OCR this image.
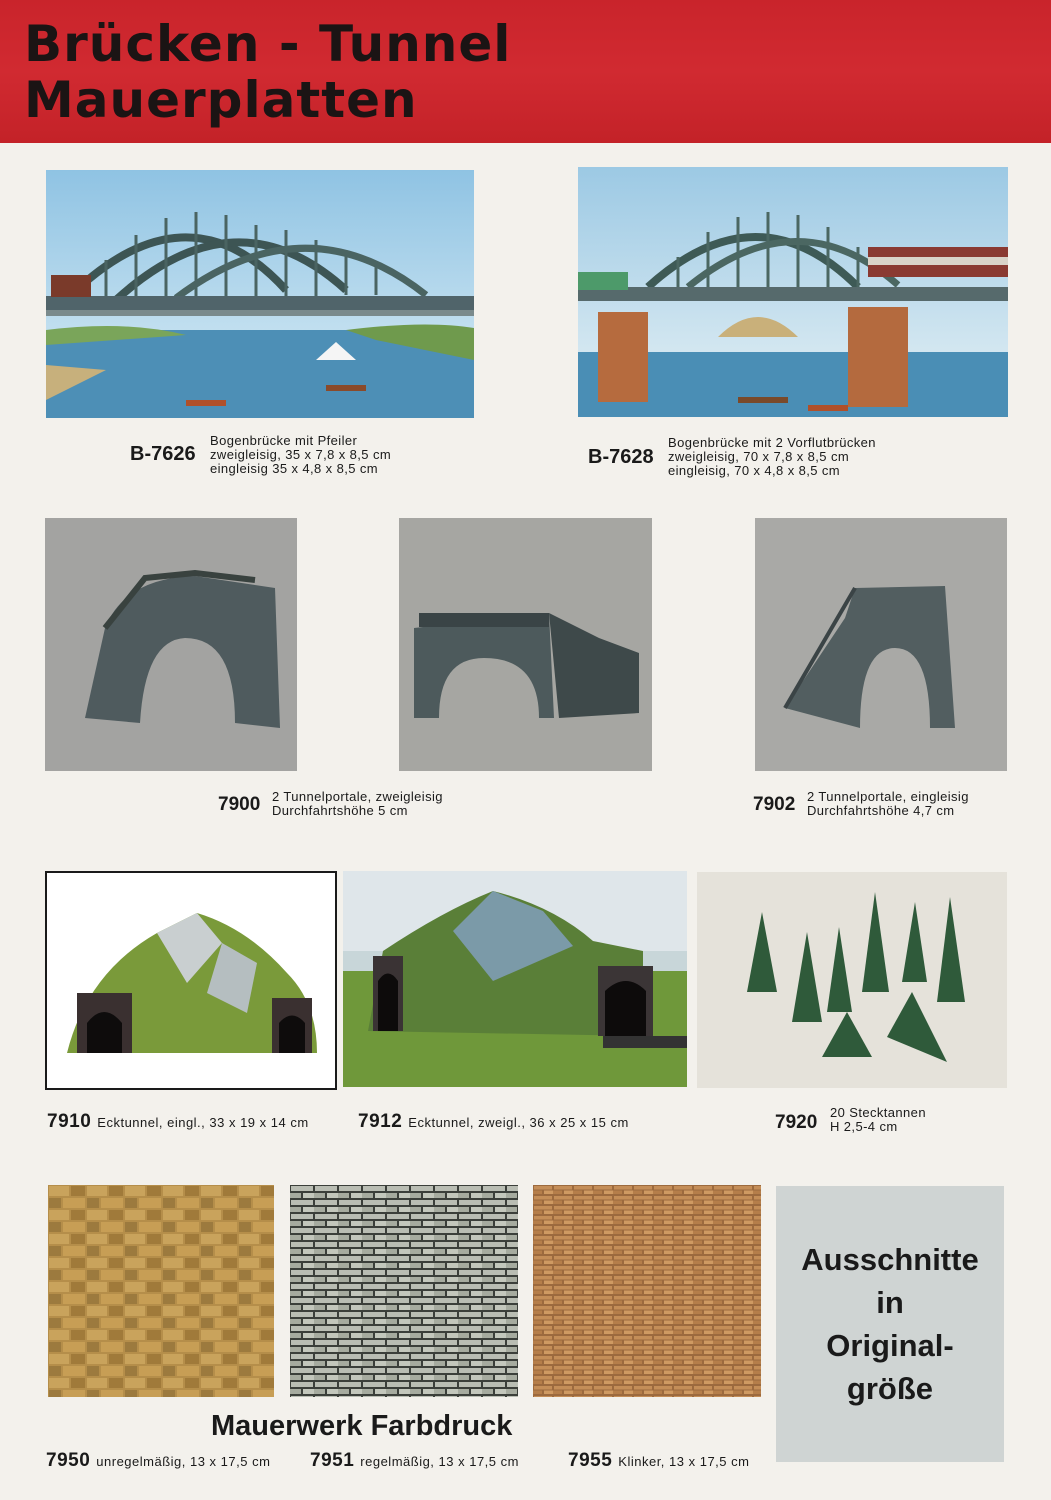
Brücken - Tunnel
Mauerplatten
B-7626
Bogenbrücke mit Pfeiler
zweigleisig, 35 x 7,8 x 8,5 cm
eingleisig 35 x 4,8 x 8,5 cm
B-7628
Bogenbrücke mit 2 Vorflutbrücken
zweigleisig, 70 x 7,8 x 8,5 cm
eingleisig, 70 x 4,8 x 8,5 cm
7900 2 Tunnelportale, zweigleisig
Durchfahrtshöhe 5 cm	7902 2 Tunnelportale, eingleisig
Durchfahrtshöhe 4,7 cm
7910 Ecktunnel, eingl., 33 x 19 x 14 cm	7912 Ecktunnel, zweigl., 36 x 25 x 15 cm	7920 20 Stecktannen
H 2,5-4 cm
Ausschnitte
in
Original-
größe
Mauerwerk Farbdruck
7950 unregelmäßig, 13 x 17,5 cm 7951 regelmäßig, 13 x 17,5 cm	7955 Klinker, 13 x 17,5 cm
